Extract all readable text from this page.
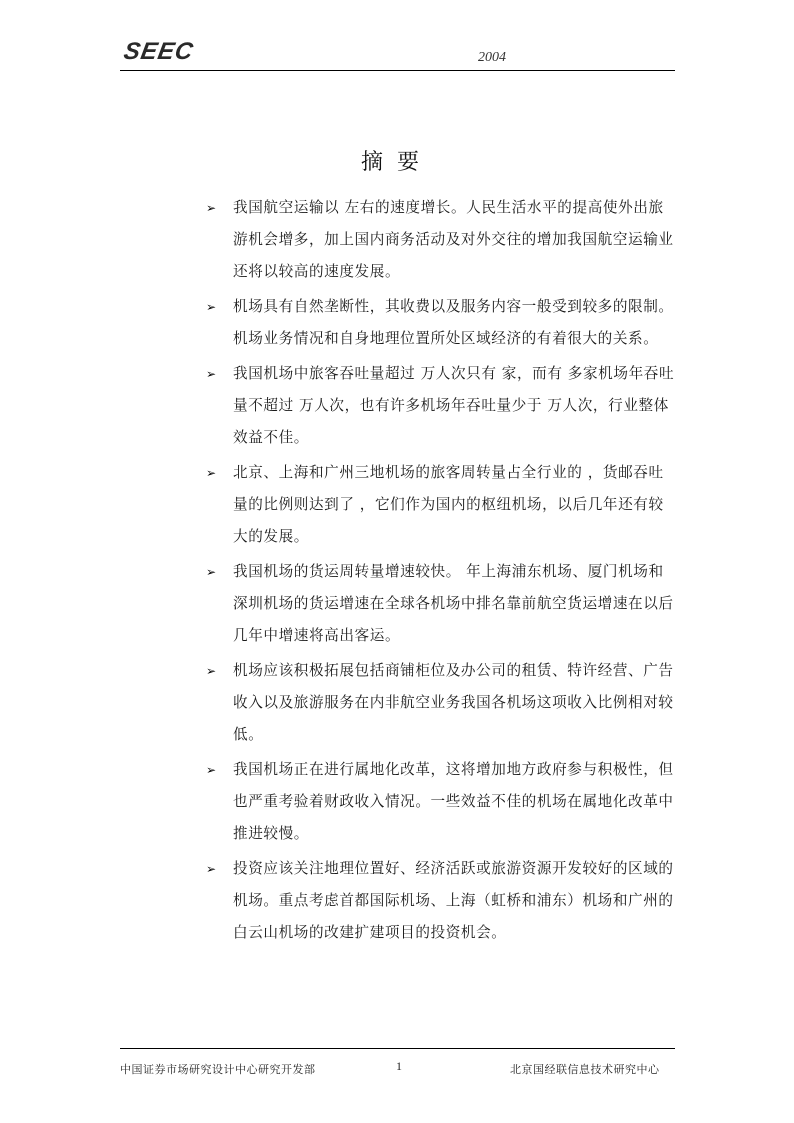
SEEC	2004
摘要
➢ 我国航空运输以 左右的速度增长。人民生活水平的提高使外出旅游机会增多，加上国内商务活动及对外交往的增加我国航空运输业还将以较高的速度发展。
➢ 机场具有自然垄断性，其收费以及服务内容一般受到较多的限制。机场业务情况和自身地理位置所处区域经济的有着很大的关系。
➢ 我国机场中旅客吞吐量超过 万人次只有 家，而有 多家机场年吞吐量不超过 万人次，也有许多机场年吞吐量少于 万人次，行业整体效益不佳。
➢ 北京、上海和广州三地机场的旅客周转量占全行业的 ，货邮吞吐量的比例则达到了 ，它们作为国内的枢纽机场，以后几年还有较大的发展。
➢ 我国机场的货运周转量增速较快。 年上海浦东机场、厦门机场和深圳机场的货运增速在全球各机场中排名靠前航空货运增速在以后几年中增速将高出客运。
➢ 机场应该积极拓展包括商铺柜位及办公司的租赁、特许经营、广告收入以及旅游服务在内非航空业务我国各机场这项收入比例相对较低。
➢ 我国机场正在进行属地化改革，这将增加地方政府参与积极性，但也严重考验着财政收入情况。一些效益不佳的机场在属地化改革中推进较慢。
➢ 投资应该关注地理位置好、经济活跃或旅游资源开发较好的区域的机场。重点考虑首都国际机场、上海（虹桥和浦东）机场和广州的白云山机场的改建扩建项目的投资机会。
中国证券市场研究设计中心研究开发部	1	北京国经联信息技术研究中心
